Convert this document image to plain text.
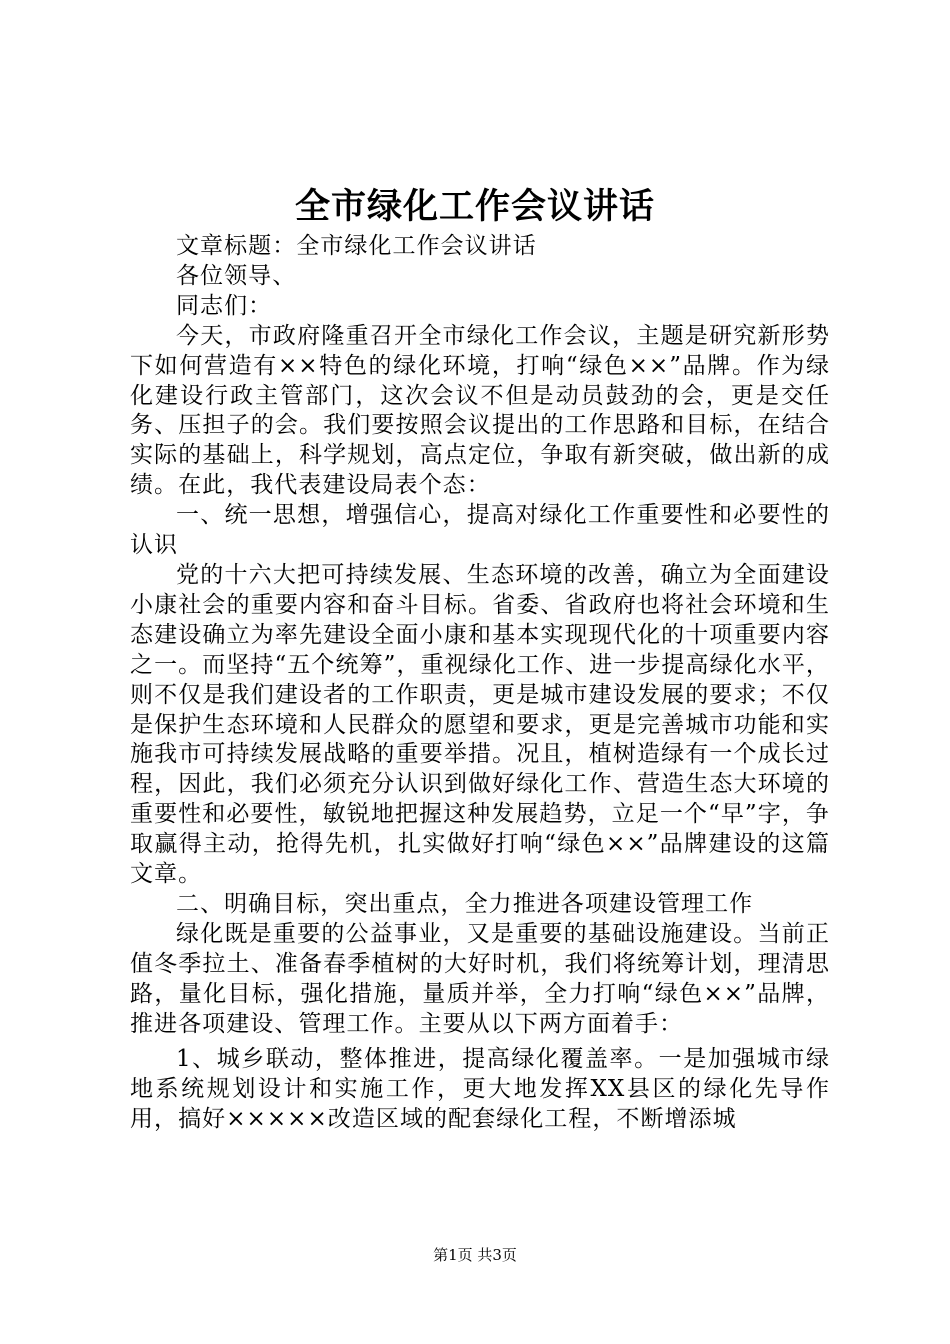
全市绿化工作会议讲话

文章标题：全市绿化工作会议讲话

各位领导、

同志们：

今天，市政府隆重召开全市绿化工作会议，主题是研究新形势下如何营造有××特色的绿化环境，打响“绿色××”品牌。作为绿化建设行政主管部门，这次会议不但是动员鼓劲的会，更是交任务、压担子的会。我们要按照会议提出的工作思路和目标，在结合实际的基础上，科学规划，高点定位，争取有新突破，做出新的成绩。在此，我代表建设局表个态：

一、统一思想，增强信心，提高对绿化工作重要性和必要性的认识

党的十六大把可持续发展、生态环境的改善，确立为全面建设小康社会的重要内容和奋斗目标。省委、省政府也将社会环境和生态建设确立为率先建设全面小康和基本实现现代化的十项重要内容之一。而坚持“五个统筹”，重视绿化工作、进一步提高绿化水平，则不仅是我们建设者的工作职责，更是城市建设发展的要求；不仅是保护生态环境和人民群众的愿望和要求，更是完善城市功能和实施我市可持续发展战略的重要举措。况且，植树造绿有一个成长过程，因此，我们必须充分认识到做好绿化工作、营造生态大环境的重要性和必要性，敏锐地把握这种发展趋势，立足一个“早”字，争取赢得主动，抢得先机，扎实做好打响“绿色××”品牌建设的这篇文章。

二、明确目标，突出重点，全力推进各项建设管理工作

绿化既是重要的公益事业，又是重要的基础设施建设。当前正值冬季拉土、准备春季植树的大好时机，我们将统筹计划，理清思路，量化目标，强化措施，量质并举，全力打响“绿色××”品牌，推进各项建设、管理工作。主要从以下两方面着手：

1、城乡联动，整体推进，提高绿化覆盖率。一是加强城市绿地系统规划设计和实施工作，更大地发挥XX县区的绿化先导作用，搞好×××××改造区域的配套绿化工程，不断增添城

第1页 共3页
